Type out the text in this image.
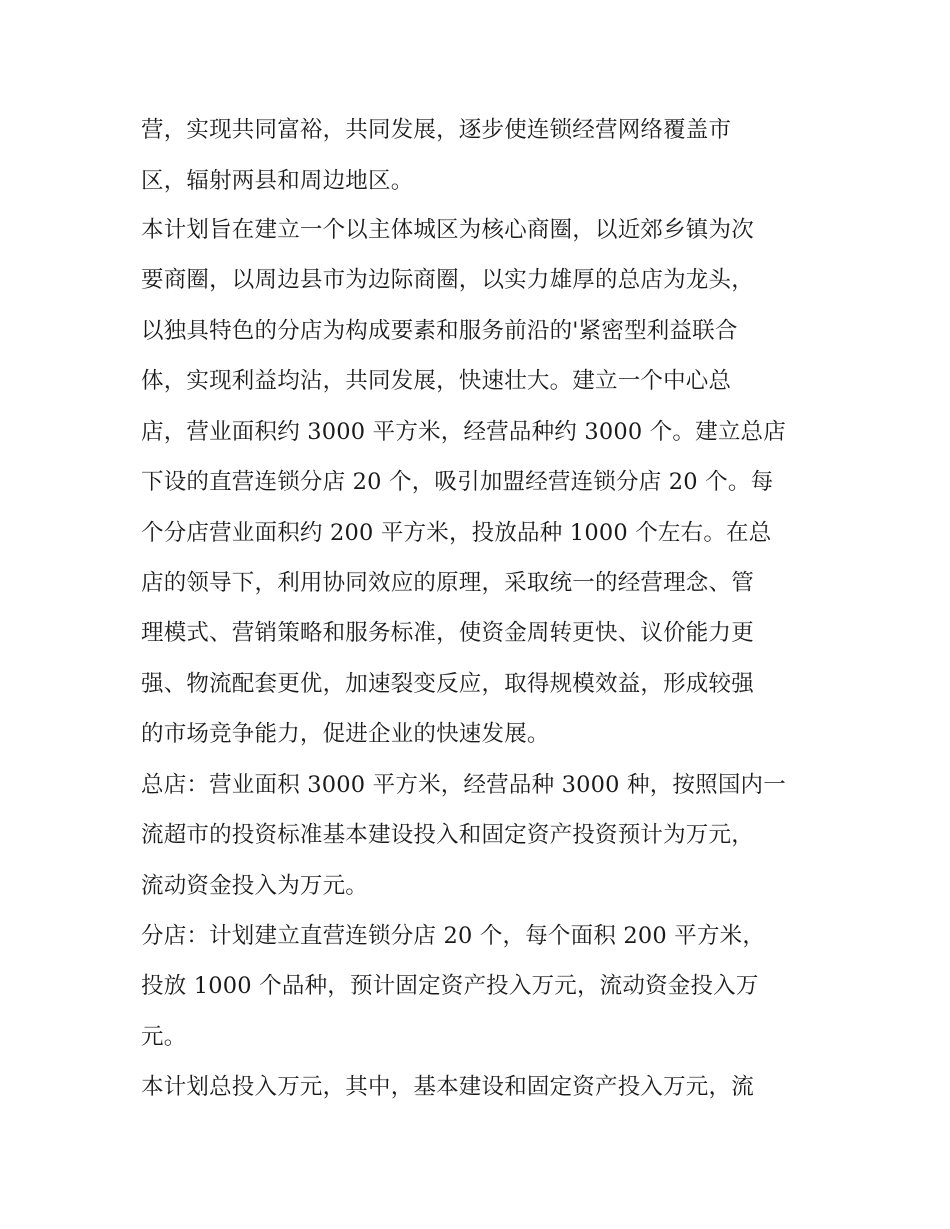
营，实现共同富裕，共同发展，逐步使连锁经营网络覆盖市
区，辐射两县和周边地区。
本计划旨在建立一个以主体城区为核心商圈，以近郊乡镇为次
要商圈，以周边县市为边际商圈，以实力雄厚的总店为龙头，
以独具特色的分店为构成要素和服务前沿的'紧密型利益联合
体，实现利益均沾，共同发展，快速壮大。建立一个中心总
店，营业面积约 3000 平方米，经营品种约 3000 个。建立总店
下设的直营连锁分店 20 个，吸引加盟经营连锁分店 20 个。每
个分店营业面积约 200 平方米，投放品种 1000 个左右。在总
店的领导下，利用协同效应的原理，采取统一的经营理念、管
理模式、营销策略和服务标准，使资金周转更快、议价能力更
强、物流配套更优，加速裂变反应，取得规模效益，形成较强
的市场竞争能力，促进企业的快速发展。
总店：营业面积 3000 平方米，经营品种 3000 种，按照国内一
流超市的投资标准基本建设投入和固定资产投资预计为万元，
流动资金投入为万元。
分店：计划建立直营连锁分店 20 个，每个面积 200 平方米，
投放 1000 个品种，预计固定资产投入万元，流动资金投入万
元。
本计划总投入万元，其中，基本建设和固定资产投入万元，流
